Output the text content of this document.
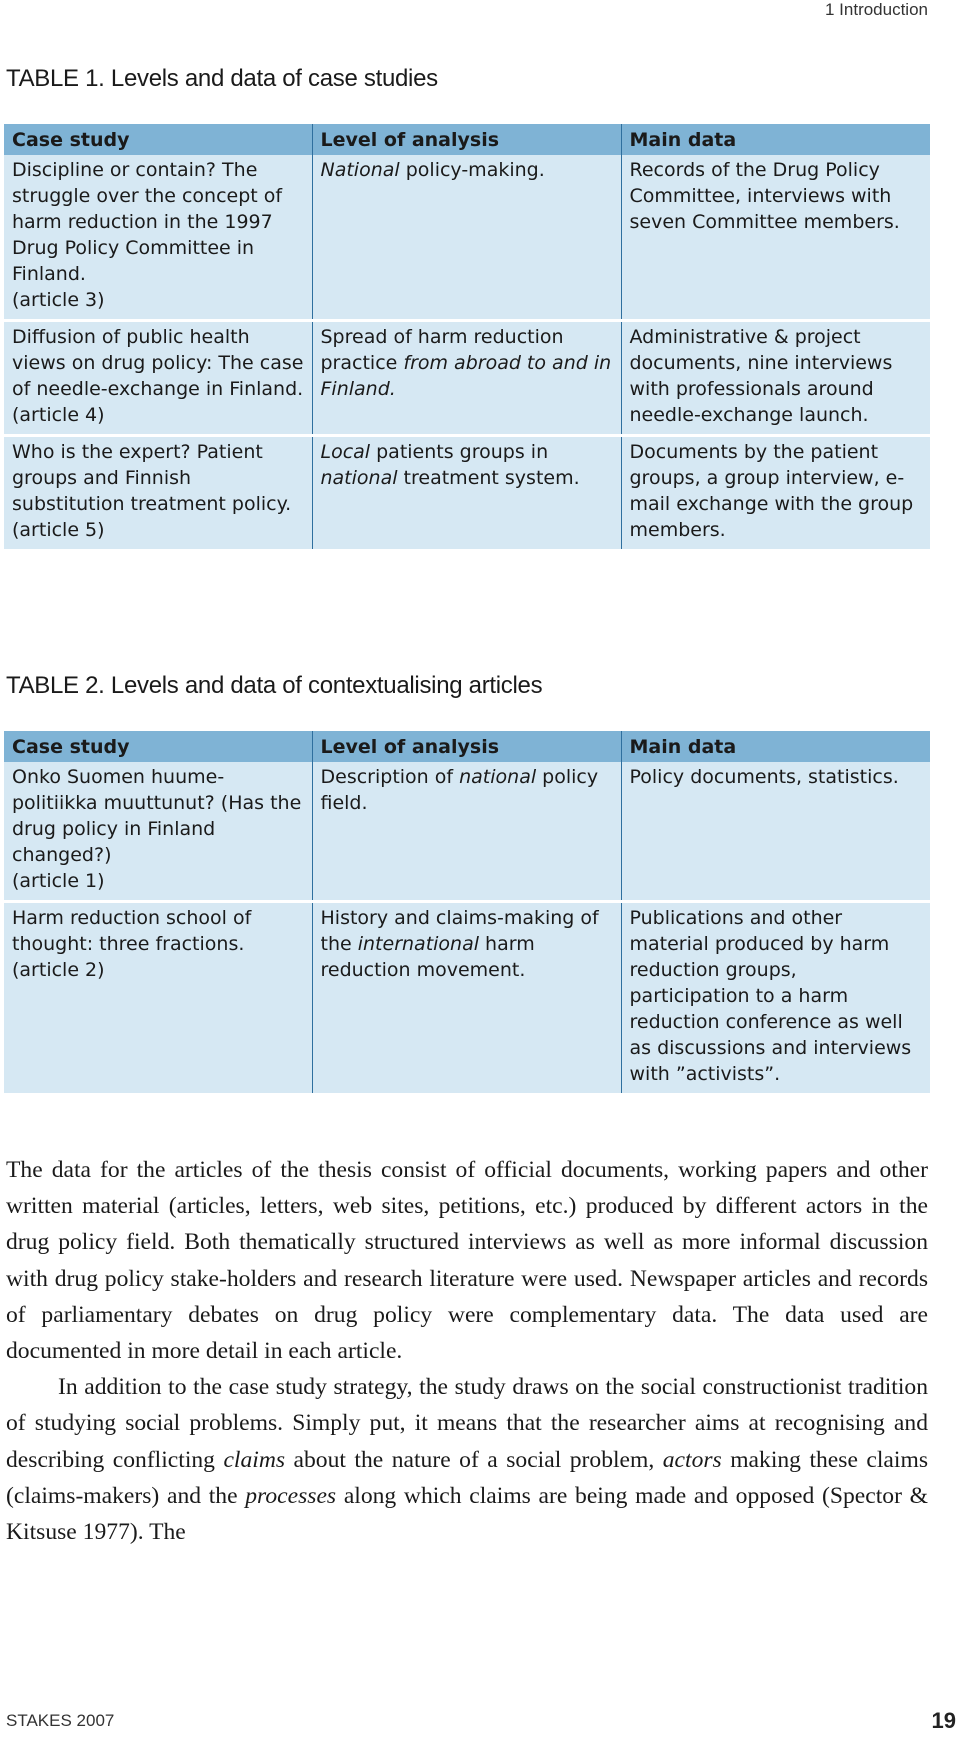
1 Introduction
TABLE 1. Levels and data of case studies
Case study	Level of analysis	Main data

Discipline or contain? The struggle over the concept of harm reduction in the 1997 Drug Policy Committee in Finland.
(article 3)	National policy-making.	Records of the Drug Policy Committee, interviews with seven Committee members.

Diffusion of public health views on drug policy: The case of needle-exchange in Finland.
(article 4)	Spread of harm reduction practice from abroad to and in Finland.	Administrative & project documents, nine interviews with professionals around needle-exchange launch.

Who is the expert? Patient groups and Finnish substitution treatment policy.
(article 5)	Local patients groups in national treatment system.	Documents by the patient groups, a group interview, e-mail exchange with the group members.
TABLE 2. Levels and data of contextualising articles
Case study	Level of analysis	Main data

Onko Suomen huume-politiikka muuttunut? (Has the drug policy in Finland changed?)
(article 1)	Description of national policy field.	Policy documents, statistics.

Harm reduction school of thought: three fractions.
(article 2)	History and claims-making of the international harm reduction movement.	Publications and other material produced by harm reduction groups, participation to a harm reduction conference as well as discussions and interviews with ”activists”.

The data for the articles of the thesis consist of official documents, working papers and other written material (articles, letters, web sites, petitions, etc.) produced by different actors in the drug policy field. Both thematically structured interviews as well as more informal discussion with drug policy stake-holders and research literature were used. Newspaper articles and records of parliamentary debates on drug policy were complementary data. The data used are documented in more detail in each article.

In addition to the case study strategy, the study draws on the social constructionist tradition of studying social problems. Simply put, it means that the researcher aims at recognising and describing conflicting claims about the nature of a social problem, actors making these claims (claims-makers) and the processes along which claims are being made and opposed (Spector & Kitsuse 1977). The

STAKES 2007	19
